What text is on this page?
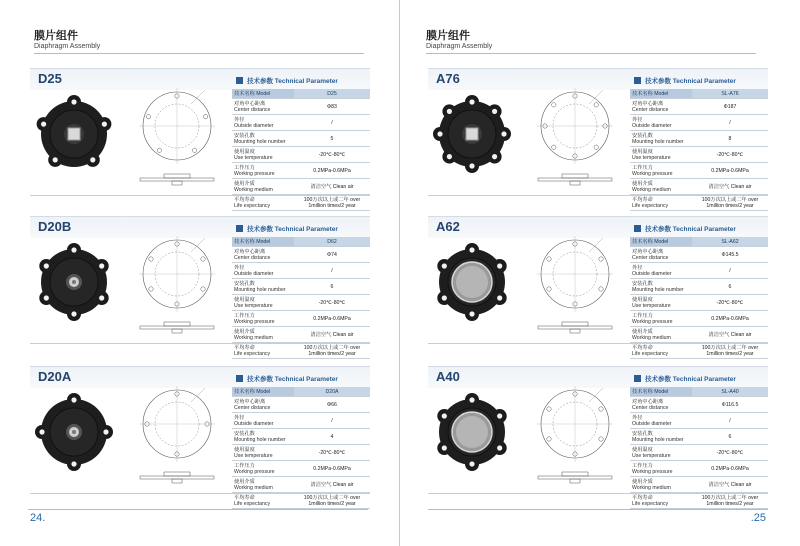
膜片组件
Diaphragm Assembly
24.
D25	技术参数 Technical Parameter
技术名称 Model	D25

对角中心距离
Center distance	Φ83

外径
Outside diameter	/

安装孔数
Mounting hole number	5

使用温度
Use temperature	-20℃-80℃

工作压力
Working pressure	0.2MPa-0.6MPa

使用介质
Working medium	清洁空气 Clean air

平均寿命
Life expectancy	100万次以上或二年 over 1million times/2 year
D20B	技术参数 Technical Parameter
技术名称 Model	D62

对角中心距离
Center distance	Φ74

外径
Outside diameter	/

安装孔数
Mounting hole number	6

使用温度
Use temperature	-20℃-80℃

工作压力
Working pressure	0.2MPa-0.6MPa

使用介质
Working medium	清洁空气 Clean air

平均寿命
Life expectancy	100万次以上或二年 over 1million times/2 year
D20A	技术参数 Technical Parameter
技术名称 Model	D20A

对角中心距离
Center distance	Φ66

外径
Outside diameter	/

安装孔数
Mounting hole number	4

使用温度
Use temperature	-20℃-80℃

工作压力
Working pressure	0.2MPa-0.6MPa

使用介质
Working medium	清洁空气 Clean air

平均寿命
Life expectancy	100万次以上或二年 over 1million times/2 year
膜片组件
Diaphragm Assembly
.25
A76	技术参数 Technical Parameter
技术名称 Model	SL-A76

对角中心距离
Center distance	Φ187

外径
Outside diameter	/

安装孔数
Mounting hole number	8

使用温度
Use temperature	-20℃-80℃

工作压力
Working pressure	0.2MPa-0.6MPa

使用介质
Working medium	清洁空气 Clean air

平均寿命
Life expectancy	100万次以上或二年 over 1million times/2 year
A62	技术参数 Technical Parameter
技术名称 Model	SL-A62

对角中心距离
Center distance	Φ145.5

外径
Outside diameter	/

安装孔数
Mounting hole number	6

使用温度
Use temperature	-20℃-80℃

工作压力
Working pressure	0.2MPa-0.6MPa

使用介质
Working medium	清洁空气 Clean air

平均寿命
Life expectancy	100万次以上或二年 over 1million times/2 year
A40	技术参数 Technical Parameter
技术名称 Model	SL-A40

对角中心距离
Center distance	Φ116.5

外径
Outside diameter	/

安装孔数
Mounting hole number	6

使用温度
Use temperature	-20℃-80℃

工作压力
Working pressure	0.2MPa-0.6MPa

使用介质
Working medium	清洁空气 Clean air

平均寿命
Life expectancy	100万次以上或二年 over 1million times/2 year
